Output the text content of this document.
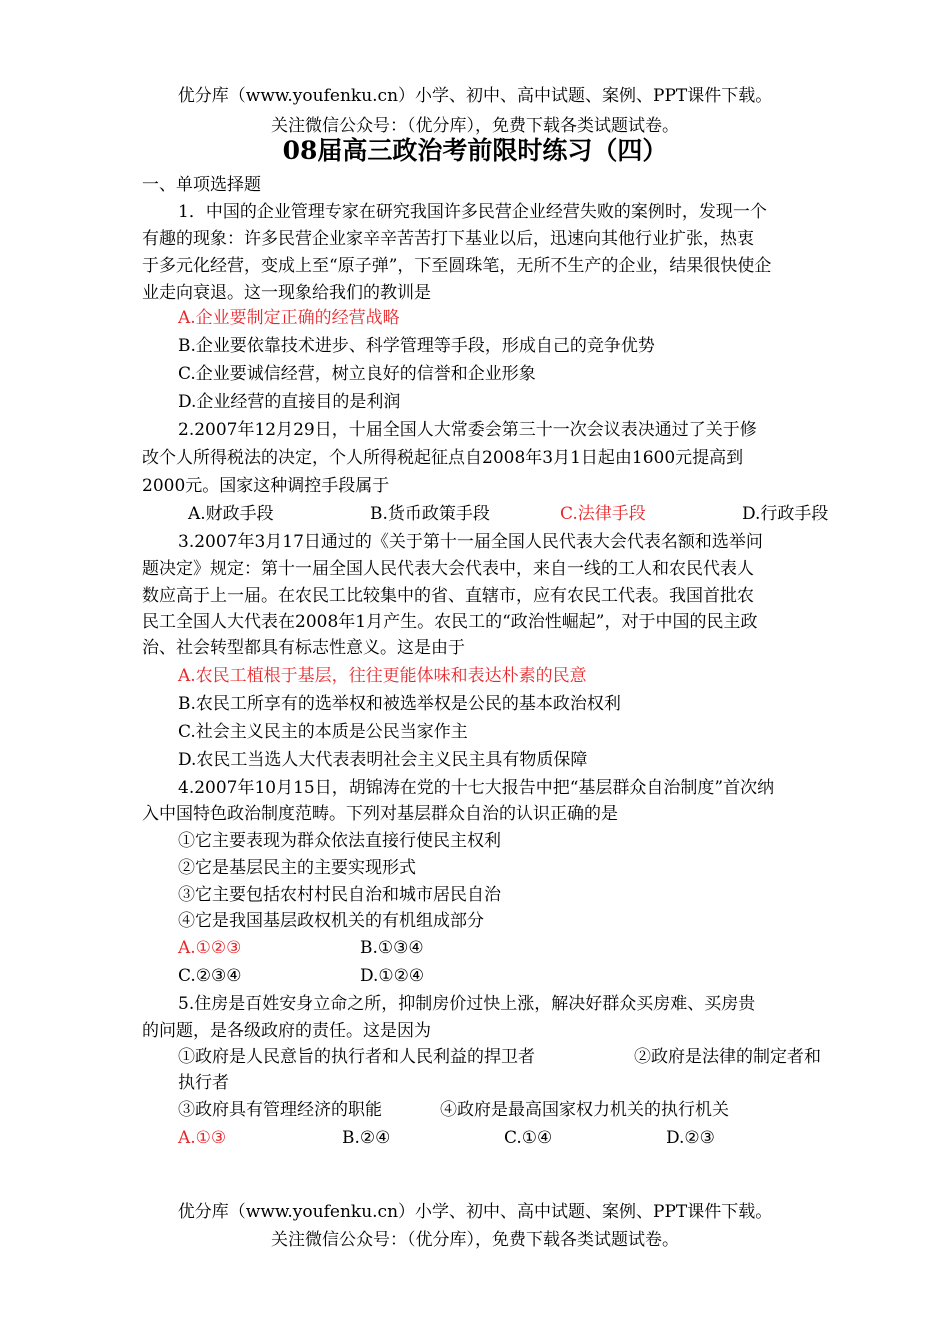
优分库（www.youfenku.cn）小学、初中、高中试题、案例、PPT课件下载。
关注微信公众号：（优分库），免费下载各类试题试卷。
08届高三政治考前限时练习（四）
一、单项选择题
1．中国的企业管理专家在研究我国许多民营企业经营失败的案例时，发现一个
有趣的现象：许多民营企业家辛辛苦苦打下基业以后，迅速向其他行业扩张，热衷
于多元化经营，变成上至“原子弹”，下至圆珠笔，无所不生产的企业，结果很快使企
业走向衰退。这一现象给我们的教训是
A.企业要制定正确的经营战略
B.企业要依靠技术进步、科学管理等手段，形成自己的竞争优势
C.企业要诚信经营，树立良好的信誉和企业形象
D.企业经营的直接目的是利润
2.2007年12月29日，十届全国人大常委会第三十一次会议表决通过了关于修
改个人所得税法的决定，个人所得税起征点自2008年3月1日起由1600元提高到
2000元。国家这种调控手段属于
A.财政手段	B.货币政策手段	C.法律手段	D.行政手段
3.2007年3月17日通过的《关于第十一届全国人民代表大会代表名额和选举问
题决定》规定：第十一届全国人民代表大会代表中，来自一线的工人和农民代表人
数应高于上一届。在农民工比较集中的省、直辖市，应有农民工代表。我国首批农
民工全国人大代表在2008年1月产生。农民工的“政治性崛起”，对于中国的民主政
治、社会转型都具有标志性意义。这是由于
A.农民工植根于基层，往往更能体味和表达朴素的民意
B.农民工所享有的选举权和被选举权是公民的基本政治权利
C.社会主义民主的本质是公民当家作主
D.农民工当选人大代表表明社会主义民主具有物质保障
4.2007年10月15日，胡锦涛在党的十七大报告中把“基层群众自治制度”首次纳
入中国特色政治制度范畴。下列对基层群众自治的认识正确的是
①它主要表现为群众依法直接行使民主权利
②它是基层民主的主要实现形式
③它主要包括农村村民自治和城市居民自治
④它是我国基层政权机关的有机组成部分
A.①②③	B.①③④
C.②③④	D.①②④
5.住房是百姓安身立命之所，抑制房价过快上涨，解决好群众买房难、买房贵
的问题，是各级政府的责任。这是因为
①政府是人民意旨的执行者和人民利益的捍卫者	②政府是法律的制定者和
执行者
③政府具有管理经济的职能	④政府是最高国家权力机关的执行机关
A.①③	B.②④	C.①④	D.②③
优分库（www.youfenku.cn）小学、初中、高中试题、案例、PPT课件下载。
关注微信公众号：（优分库），免费下载各类试题试卷。
